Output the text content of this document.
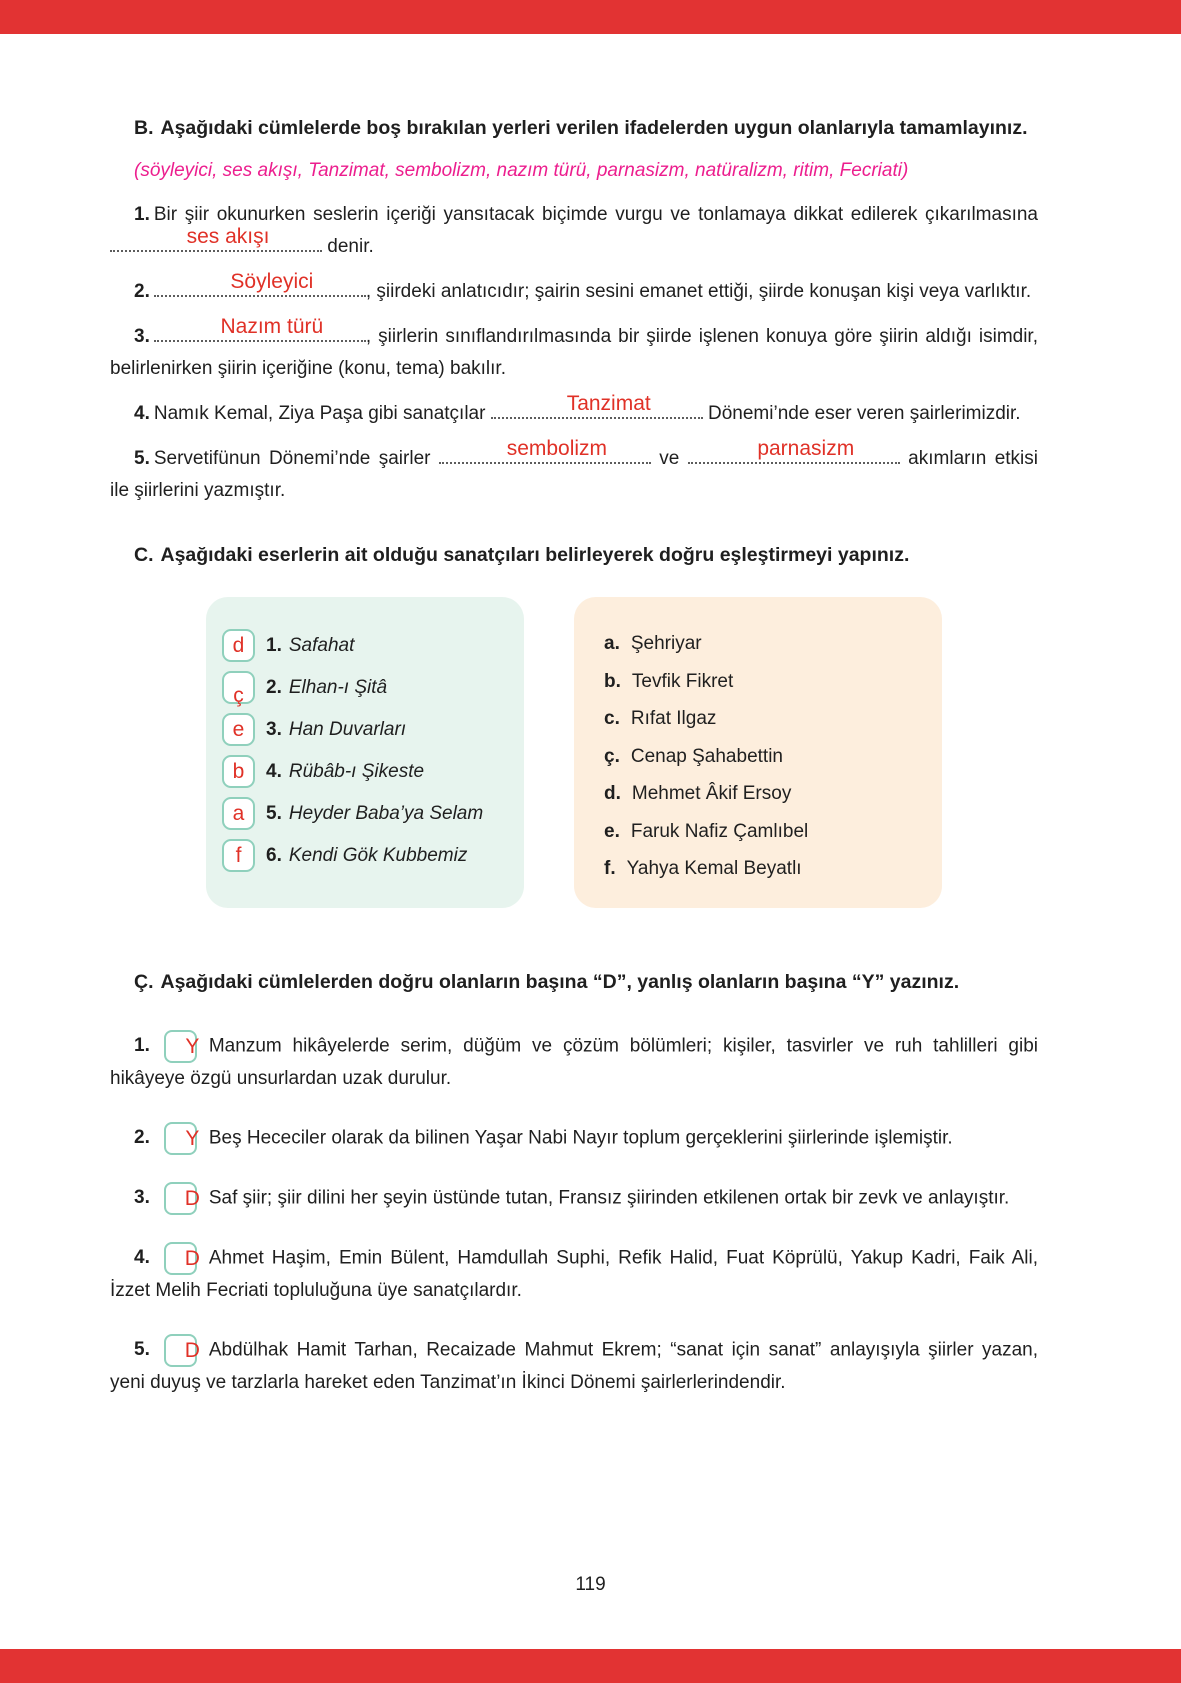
B. Aşağıdaki cümlelerde boş bırakılan yerleri verilen ifadelerden uygun olanlarıyla tamamlayınız.

(söyleyici, ses akışı, Tanzimat, sembolizm, nazım türü, parnasizm, natüralizm, ritim, Fecriati)

1. Bir şiir okunurken seslerin içeriği yansıtacak biçimde vurgu ve tonlamaya dikkat edilerek çıkarılmasına
ses akışı	denir.

2.	Söyleyici	, şiirdeki anlatıcıdır; şairin sesini emanet ettiği, şiirde konuşan kişi veya varlıktır.

3.	Nazım türü , şiirlerin sınıflandırılmasında bir şiirde işlenen konuya göre şiirin aldığı isimdir, belirlenirken şiirin içeriğine (konu, tema) bakılır.

4. Namık Kemal, Ziya Paşa gibi sanatçılar	Tanzimat	Dönemi’nde eser veren şairlerimizdir.

5. Servetifünun Dönemi’nde şairler	sembolizm	ve	parnasizm	akımların etkisi ile şiirlerini yazmıştır.

C. Aşağıdaki eserlerin ait olduğu sanatçıları belirleyerek doğru eşleştirmeyi yapınız.

d 1. Safahat
ç 2. Elhan-ı Şitâ
e 3. Han Duvarları
b 4. Rübâb-ı Şikeste
a 5. Heyder Baba’ya Selam
f 6. Kendi Gök Kubbemiz
a. Şehriyar
b. Tevfik Fikret
c. Rıfat Ilgaz
ç. Cenap Şahabettin
d. Mehmet Âkif Ersoy
e. Faruk Nafiz Çamlıbel
f. Yahya Kemal Beyatlı

Ç. Aşağıdaki cümlelerden doğru olanların başına “D”, yanlış olanların başına “Y” yazınız.

1.	Y Manzum hikâyelerde serim, düğüm ve çözüm bölümleri; kişiler, tasvirler ve ruh tahlilleri gibi hikâyeye özgü unsurlardan uzak durulur.

2.	Y Beş Hececiler olarak da bilinen Yaşar Nabi Nayır toplum gerçeklerini şiirlerinde işlemiştir.

3.	D Saf şiir; şiir dilini her şeyin üstünde tutan, Fransız şiirinden etkilenen ortak bir zevk ve anlayıştır.

4.	D Ahmet Haşim, Emin Bülent, Hamdullah Suphi, Refik Halid, Fuat Köprülü, Yakup Kadri, Faik Ali, İzzet Melih Fecriati topluluğuna üye sanatçılardır.

5.	D Abdülhak Hamit Tarhan, Recaizade Mahmut Ekrem; “sanat için sanat” anlayışıyla şiirler yazan, yeni duyuş ve tarzlarla hareket eden Tanzimat’ın İkinci Dönemi şairlerlerindendir.

119
